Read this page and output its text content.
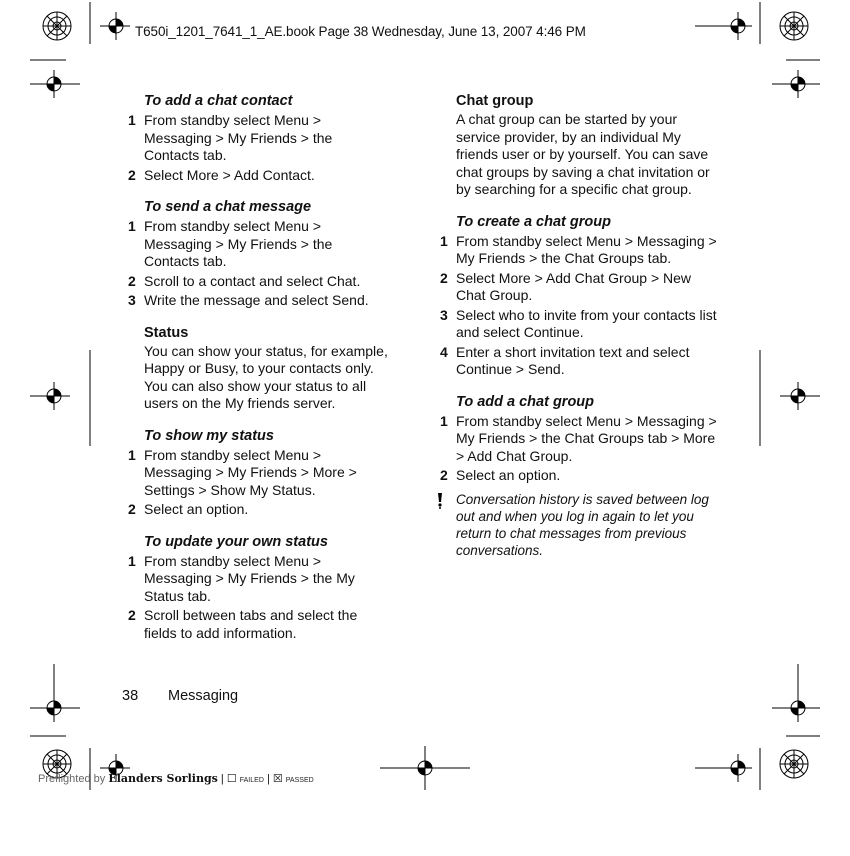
T650i_1201_7641_1_AE.book Page 38 Wednesday, June 13, 2007 4:46 PM
To add a chat contact
1 From standby select Menu > Messaging > My Friends > the Contacts tab.
2 Select More > Add Contact.
To send a chat message
1 From standby select Menu > Messaging > My Friends > the Contacts tab.
2 Scroll to a contact and select Chat.
3 Write the message and select Send.
Status
You can show your status, for example, Happy or Busy, to your contacts only. You can also show your status to all users on the My friends server.
To show my status
1 From standby select Menu > Messaging > My Friends > More > Settings > Show My Status.
2 Select an option.
To update your own status
1 From standby select Menu > Messaging > My Friends > the My Status tab.
2 Scroll between tabs and select the fields to add information.
Chat group
A chat group can be started by your service provider, by an individual My friends user or by yourself. You can save chat groups by saving a chat invitation or by searching for a specific chat group.
To create a chat group
1 From standby select Menu > Messaging > My Friends > the Chat Groups tab.
2 Select More > Add Chat Group > New Chat Group.
3 Select who to invite from your contacts list and select Continue.
4 Enter a short invitation text and select Continue > Send.
To add a chat group
1 From standby select Menu > Messaging > My Friends > the Chat Groups tab > More > Add Chat Group.
2 Select an option.
Conversation history is saved between log out and when you log in again to let you return to chat messages from previous conversations.
38 Messaging
Preflighted by Elanders Sorlings | ☐ FAILED | ☒ PASSED
